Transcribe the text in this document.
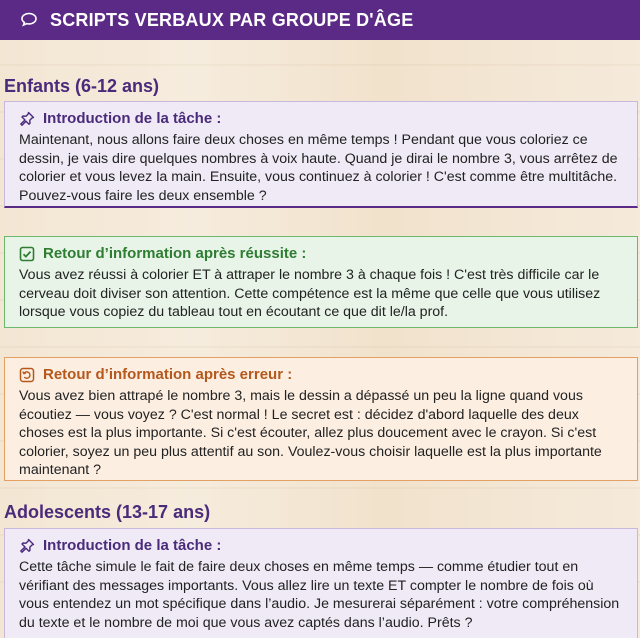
SCRIPTS VERBAUX PAR GROUPE D'ÂGE
Enfants (6-12 ans)
Introduction de la tâche :
Maintenant, nous allons faire deux choses en même temps ! Pendant que vous coloriez ce dessin, je vais dire quelques nombres à voix haute. Quand je dirai le nombre 3, vous arrêtez de colorier et vous levez la main. Ensuite, vous continuez à colorier ! C'est comme être multitâche. Pouvez-vous faire les deux ensemble ?
Retour d’information après réussite :
Vous avez réussi à colorier ET à attraper le nombre 3 à chaque fois ! C'est très difficile car le cerveau doit diviser son attention. Cette compétence est la même que celle que vous utilisez lorsque vous copiez du tableau tout en écoutant ce que dit le/la prof.
Retour d’information après erreur :
Vous avez bien attrapé le nombre 3, mais le dessin a dépassé un peu la ligne quand vous écoutiez — vous voyez ? C'est normal ! Le secret est : décidez d'abord laquelle des deux choses est la plus importante. Si c'est écouter, allez plus doucement avec le crayon. Si c'est colorier, soyez un peu plus attentif au son. Voulez-vous choisir laquelle est la plus importante maintenant ?
Adolescents (13-17 ans)
Introduction de la tâche :
Cette tâche simule le fait de faire deux choses en même temps — comme étudier tout en vérifiant des messages importants. Vous allez lire un texte ET compter le nombre de fois où vous entendez un mot spécifique dans l’audio. Je mesurerai séparément : votre compréhension du texte et le nombre de moi que vous avez captés dans l’audio. Prêts ?
